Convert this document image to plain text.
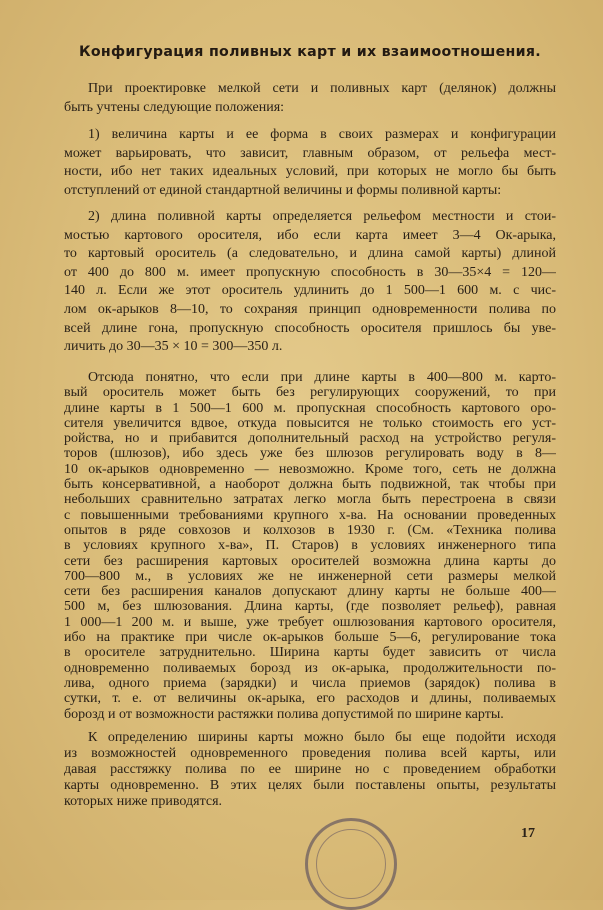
Конфигурация поливных карт и их взаимоотношения.
При проектировке мелкой сети и поливных карт (делянок) должны
быть учтены следующие положения:
1) величина карты и ее форма в своих размерах и конфигурации
может варьировать, что зависит, главным образом, от рельефа мест-
ности, ибо нет таких идеальных условий, при которых не могло бы быть
отступлений от единой стандартной величины и формы поливной карты:
2) длина поливной карты определяется рельефом местности и стои-
мостью картового оросителя, ибо если карта имеет 3—4 Ок-арыка,
то картовый ороситель (а следовательно, и длина самой карты) длиной
от 400 до 800 м. имеет пропускную способность в 30—35×4 = 120—
140 л. Если же этот ороситель удлинить до 1 500—1 600 м. с чис-
лом ок-арыков 8—10, то сохраняя принцип одновременности полива по
всей длине гона, пропускную способность оросителя пришлось бы уве-
личить до 30—35 × 10 = 300—350 л.
Отсюда понятно, что если при длине карты в 400—800 м. карто-
вый ороситель может быть без регулирующих сооружений, то при
длине карты в 1 500—1 600 м. пропускная способность картового оро-
сителя увеличится вдвое, откуда повысится не только стоимость его уст-
ройства, но и прибавится дополнительный расход на устройство регуля-
торов (шлюзов), ибо здесь уже без шлюзов регулировать воду в 8—
10 ок-арыков одновременно — невозможно. Кроме того, сеть не должна
быть консервативной, а наоборот должна быть подвижной, так чтобы при
небольших сравнительно затратах легко могла быть перестроена в связи
с повышенными требованиями крупного х-ва. На основании проведенных
опытов в ряде совхозов и колхозов в 1930 г. (См. «Техника полива
в условиях крупного х-ва», П. Старов) в условиях инженерного типа
сети без расширения картовых оросителей возможна длина карты до
700—800 м., в условиях же не инженерной сети размеры мелкой
сети без расширения каналов допускают длину карты не больше 400—
500 м, без шлюзования. Длина карты, (где позволяет рельеф), равная
1 000—1 200 м. и выше, уже требует ошлюзования картового оросителя,
ибо на практике при числе ок-арыков больше 5—6, регулирование тока
в оросителе затруднительно. Ширина карты будет зависить от числа
одновременно поливаемых борозд из ок-арыка, продолжительности по-
лива, одного приема (зарядки) и числа приемов (зарядок) полива в
сутки, т. е. от величины ок-арыка, его расходов и длины, поливаемых
борозд и от возможности растяжки полива допустимой по ширине карты.
К определению ширины карты можно было бы еще подойти исходя
из возможностей одновременного проведения полива всей карты, или
давая расстяжку полива по ее ширине но с проведением обработки
карты одновременно. В этих целях были поставлены опыты, результаты
которых ниже приводятся.
17
